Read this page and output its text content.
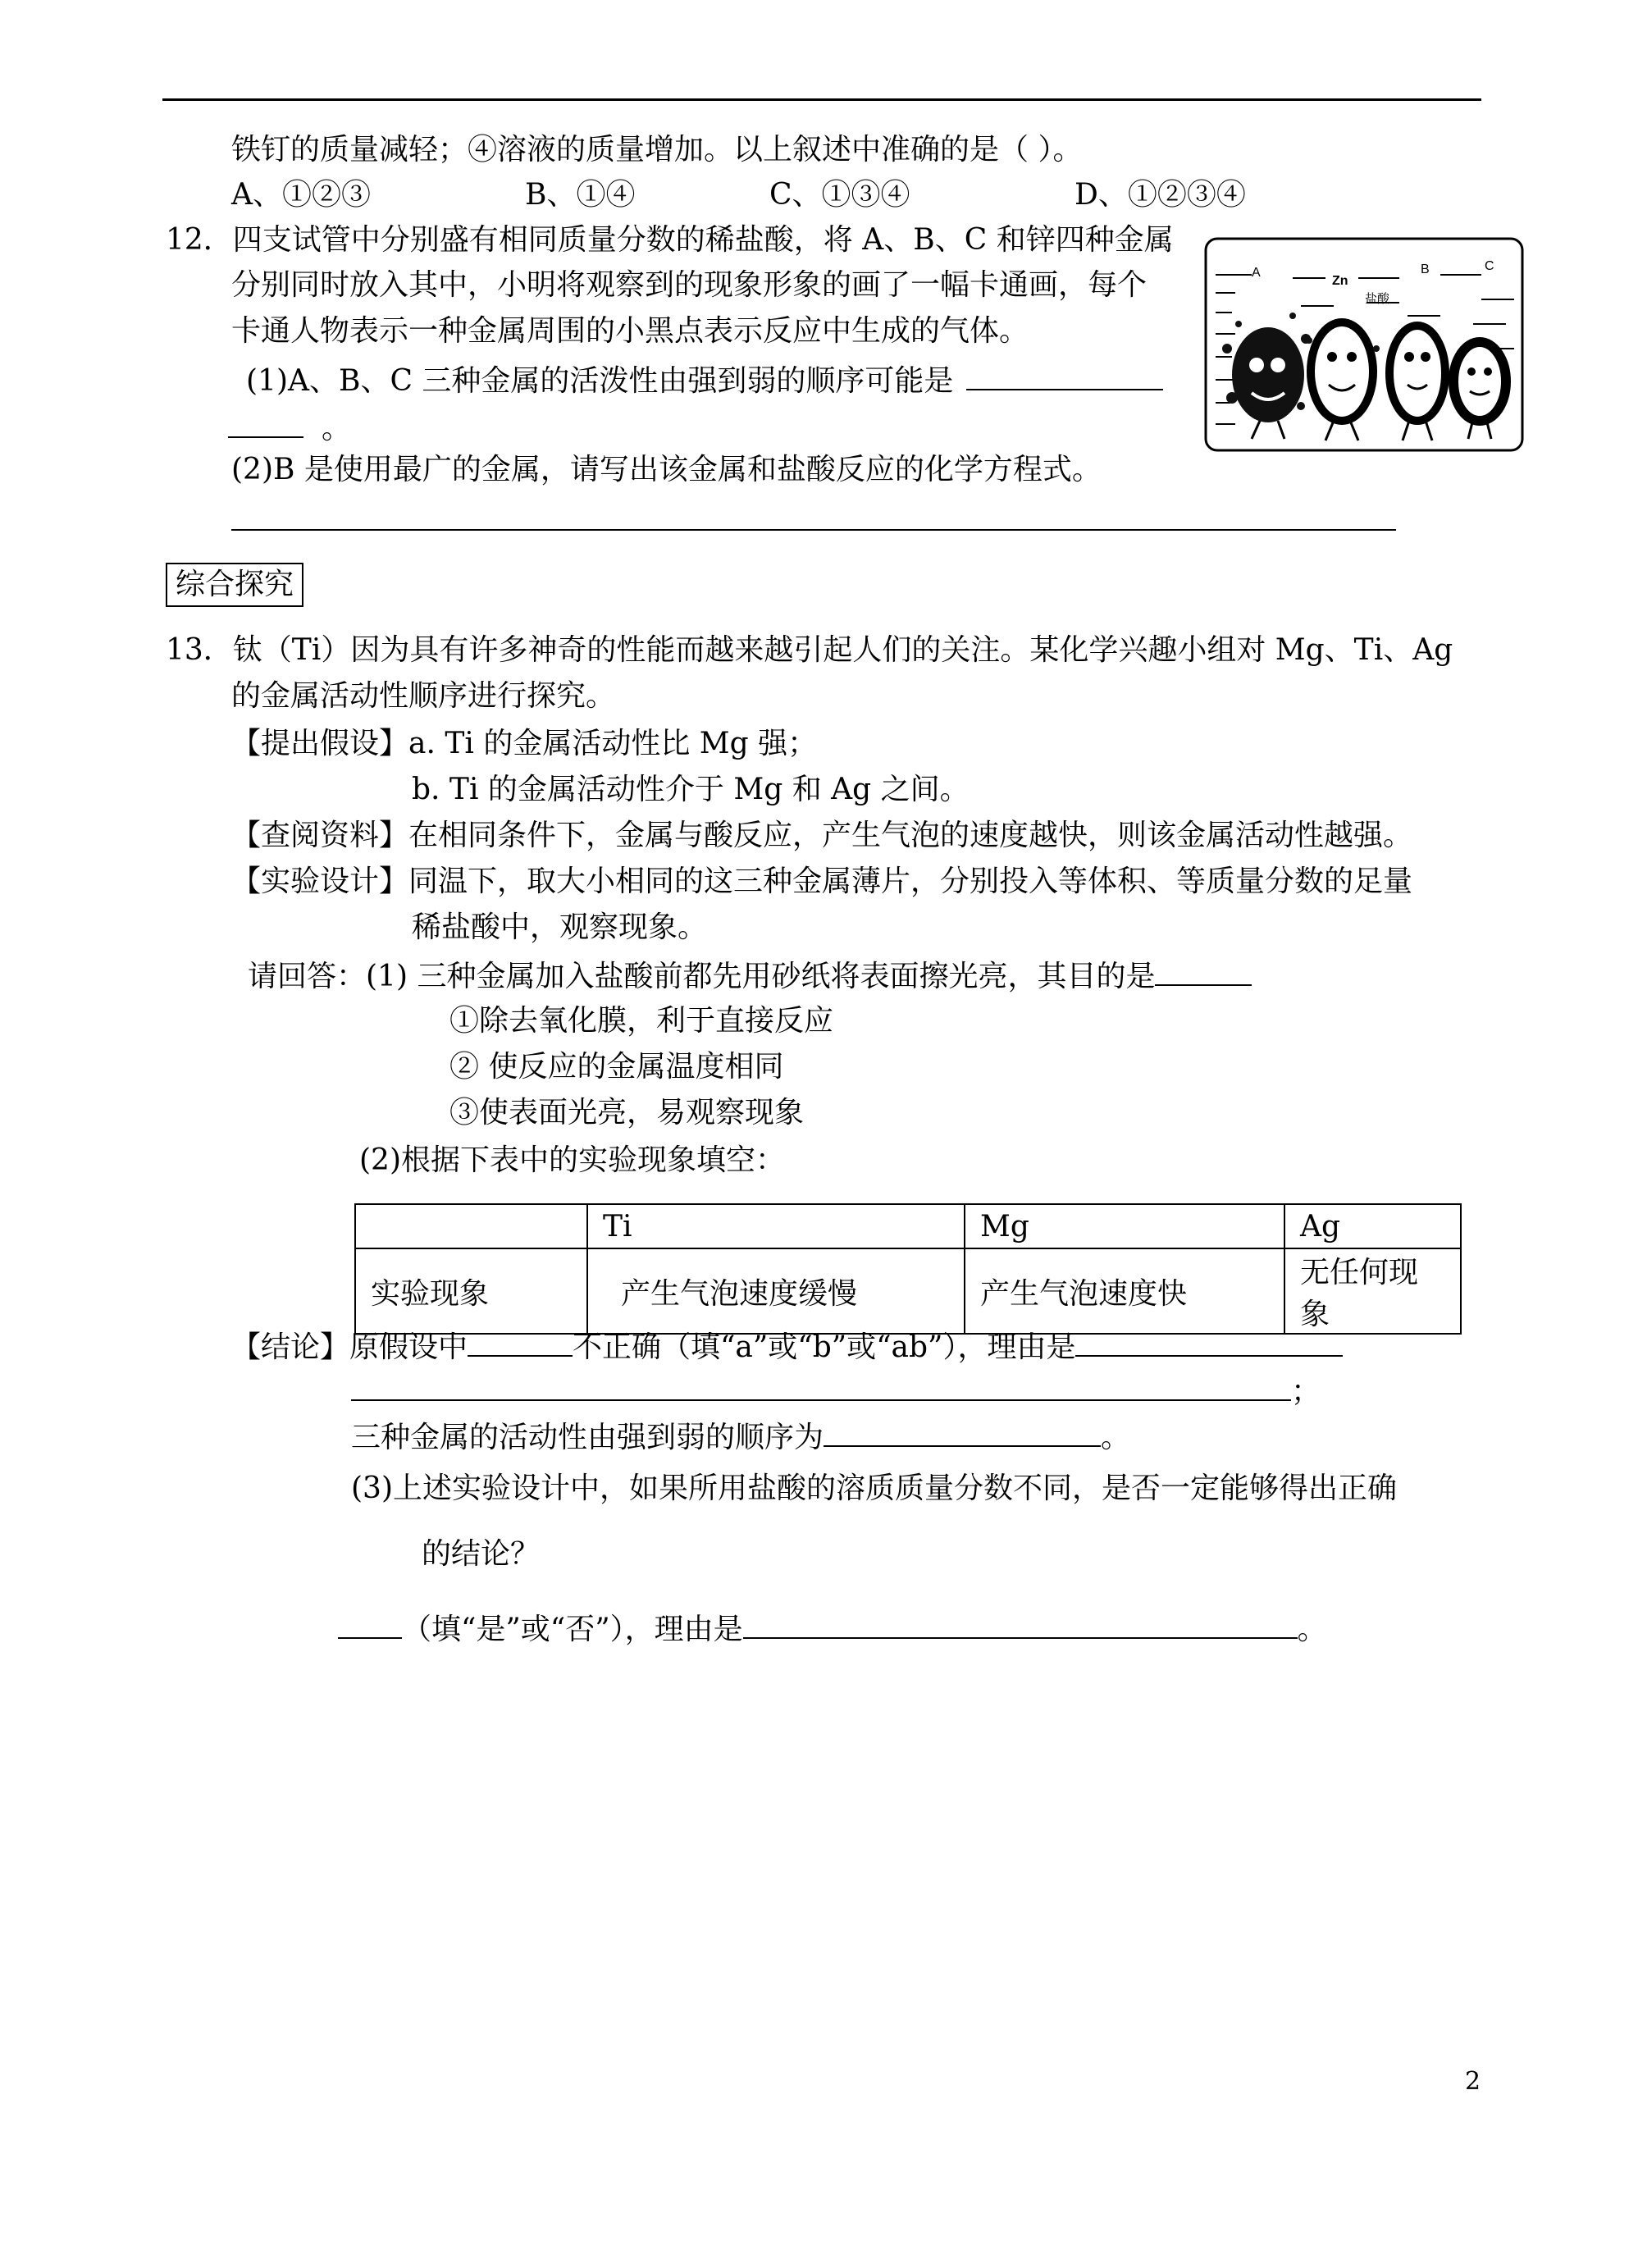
铁钉的质量减轻；④溶液的质量增加。以上叙述中准确的是（ ）。
A、①②③	B、①④	C、①③④	D、①②③④
12．四支试管中分别盛有相同质量分数的稀盐酸，将 A、B、C 和锌四种金属
分别同时放入其中，小明将观察到的现象形象的画了一幅卡通画，每个
卡通人物表示一种金属周围的小黑点表示反应中生成的气体。
(1)A、B、C 三种金属的活泼性由强到弱的顺序可能是
。
(2)B 是使用最广的金属，请写出该金属和盐酸反应的化学方程式。
A
Zn
B	C
盐酸
综合探究
13．钛（Ti）因为具有许多神奇的性能而越来越引起人们的关注。某化学兴趣小组对 Mg、Ti、Ag
的金属活动性顺序进行探究。
【提出假设】a. Ti 的金属活动性比 Mg 强；
b. Ti 的金属活动性介于 Mg 和 Ag 之间。
【查阅资料】在相同条件下，金属与酸反应，产生气泡的速度越快，则该金属活动性越强。
【实验设计】同温下，取大小相同的这三种金属薄片，分别投入等体积、等质量分数的足量
稀盐酸中，观察现象。
请回答：(1) 三种金属加入盐酸前都先用砂纸将表面擦光亮，其目的是
①除去氧化膜，利于直接反应
② 使反应的金属温度相同
③使表面光亮，易观察现象
(2)根据下表中的实验现象填空：
	Ti	Mg	Ag
实验现象	产生气泡速度缓慢	产生气泡速度快	无任何现象
【结论】原假设中	不正确（填“a”或“b”或“ab”），理由是
；
三种金属的活动性由强到弱的顺序为	。
(3)上述实验设计中，如果所用盐酸的溶质质量分数不同，是否一定能够得出正确
的结论？
（填“是”或“否”），理由是	。
2
